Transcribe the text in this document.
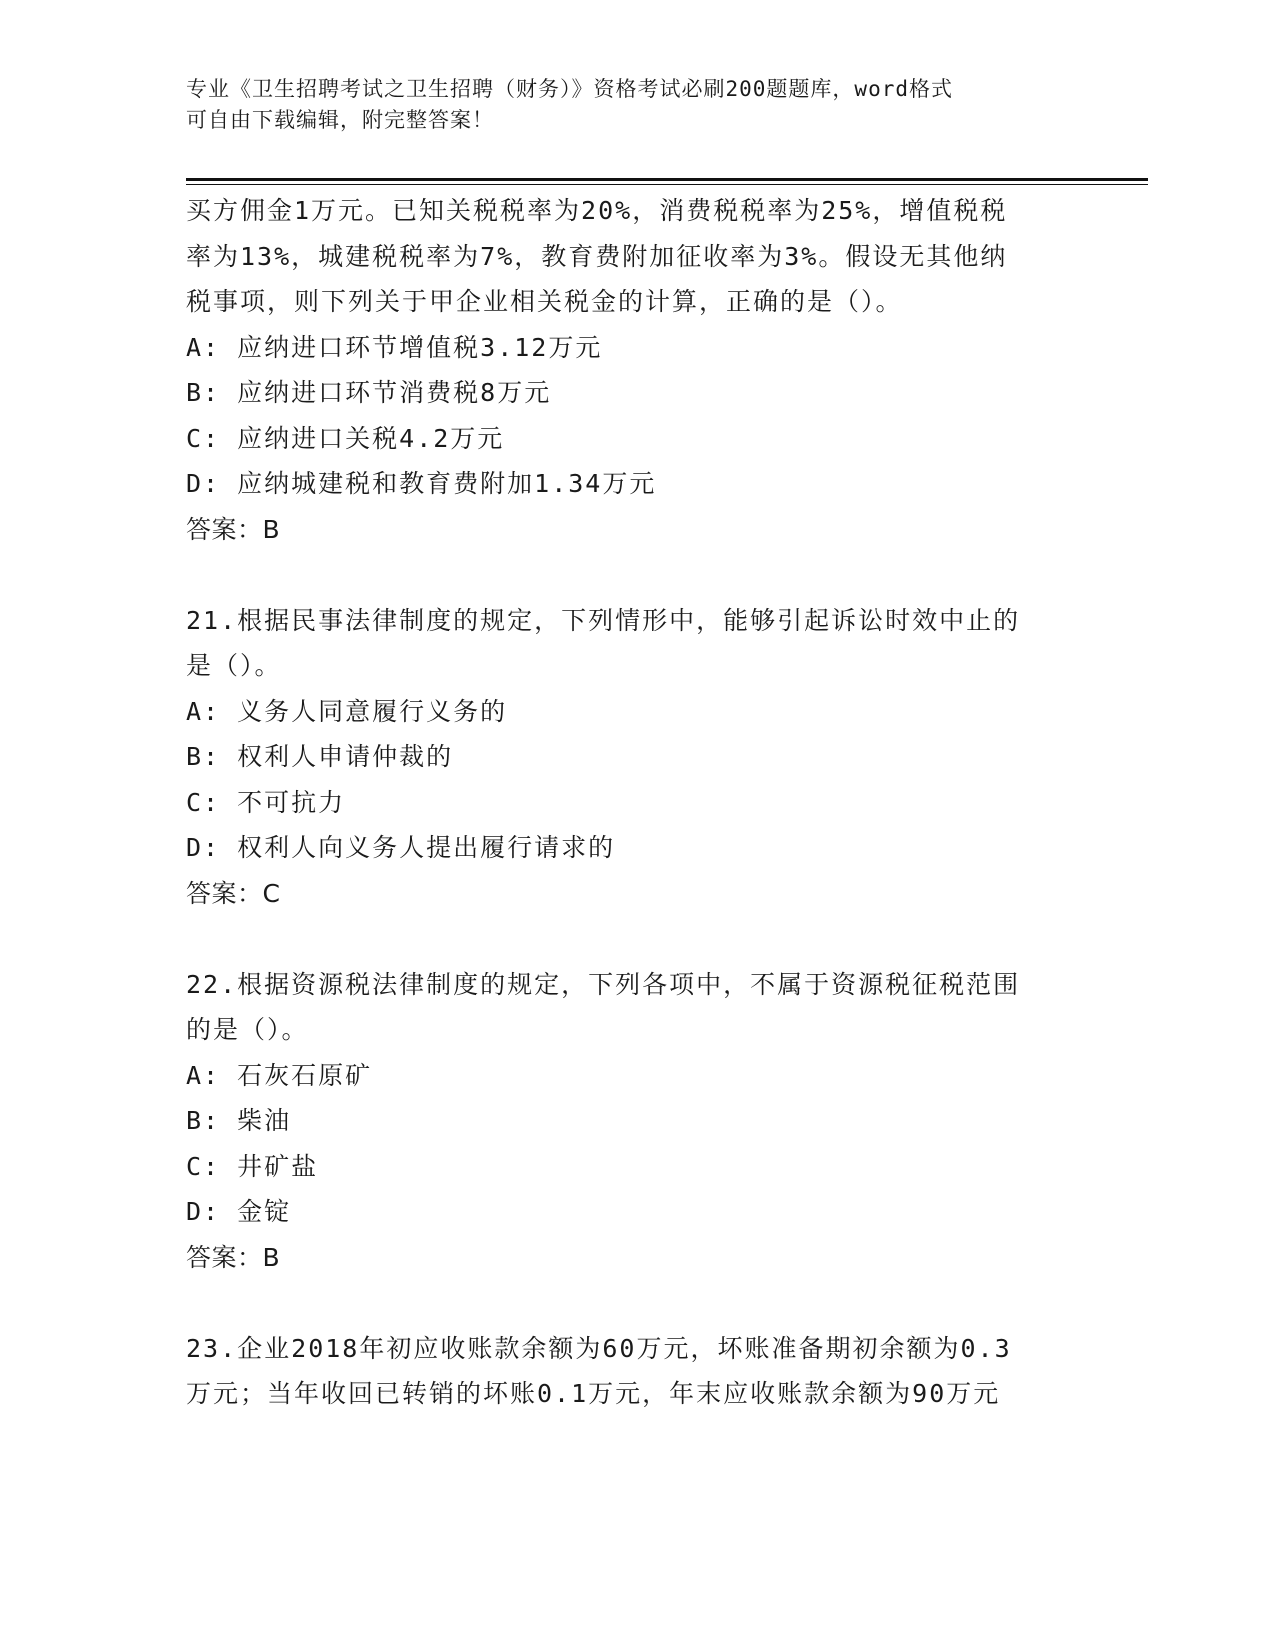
专业《卫生招聘考试之卫生招聘（财务）》资格考试必刷200题题库，word格式
可自由下载编辑，附完整答案！
买方佣金1万元。已知关税税率为20%，消费税税率为25%，增值税税
率为13%，城建税税率为7%，教育费附加征收率为3%。假设无其他纳
税事项，则下列关于甲企业相关税金的计算，正确的是（）。
A: 应纳进口环节增值税3.12万元
B: 应纳进口环节消费税8万元
C: 应纳进口关税4.2万元
D: 应纳城建税和教育费附加1.34万元
答案：B
21.根据民事法律制度的规定，下列情形中，能够引起诉讼时效中止的
是（）。
A: 义务人同意履行义务的
B: 权利人申请仲裁的
C: 不可抗力
D: 权利人向义务人提出履行请求的
答案：C
22.根据资源税法律制度的规定，下列各项中，不属于资源税征税范围
的是（）。
A: 石灰石原矿
B: 柴油
C: 井矿盐
D: 金锭
答案：B
23.企业2018年初应收账款余额为60万元，坏账准备期初余额为0.3
万元；当年收回已转销的坏账0.1万元，年末应收账款余额为90万元
